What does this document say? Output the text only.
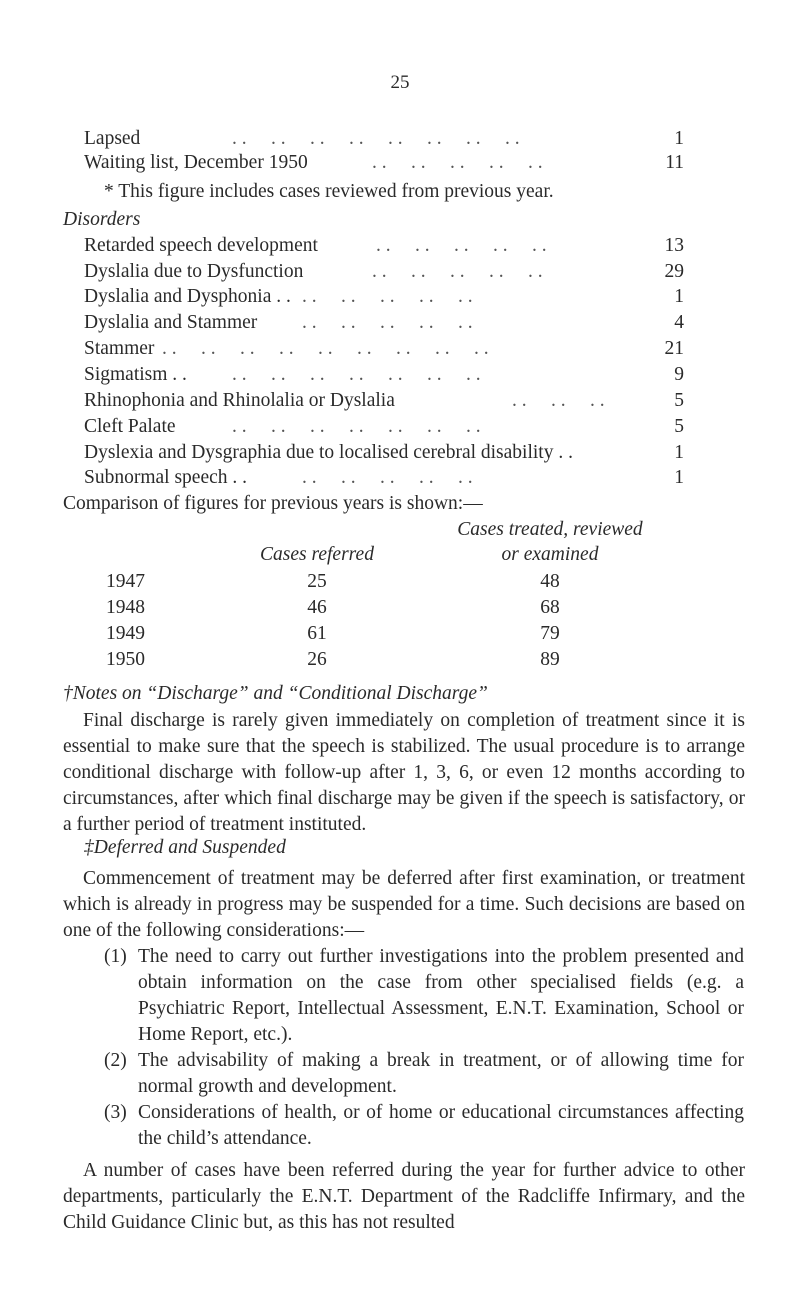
25
Lapsed	. .     . .     . .     . .     . .     . .     . .     . .	1
Waiting list, December 1950	. .     . .     . .     . .     . .	11
* This figure includes cases reviewed from previous year.
Disorders
Retarded speech development	. .     . .     . .     . .     . .	13
Dyslalia due to Dysfunction	. .     . .     . .     . .     . .	29
Dyslalia and Dysphonia . . . .     . .     . .     . .     . .	1
Dyslalia and Stammer . .     . .     . .     . .     . .	4
Stammer . .     . .     . .     . .     . .     . .     . .     . .     . .	21
Sigmatism . . . .     . .     . .     . .     . .     . .     . .	9
Rhinophonia and Rhinolalia or Dyslalia	. .     . .     . .	5
Cleft Palate	. .     . .     . .     . .     . .     . .     . .	5
Dyslexia and Dysgraphia due to localised cerebral disability . .	1
Subnormal speech . .	. .     . .     . .     . .     . .	1
Comparison of figures for previous years is shown:—
Cases treated, reviewed
Cases referred	or examined
1947	25	48
1948	46	68
1949	61	79
1950	26	89
†Notes on “Discharge” and “Conditional Discharge”

Final discharge is rarely given immediately on completion of treatment since it is essential to make sure that the speech is stabilized. The usual procedure is to arrange conditional discharge with follow-up after 1, 3, 6, or even 12 months according to circumstances, after which final discharge may be given if the speech is satisfactory, or a further period of treatment instituted.

‡Deferred and Suspended

Commencement of treatment may be deferred after first examination, or treatment which is already in progress may be suspended for a time. Such decisions are based on one of the following considerations:—

(1) The need to carry out further investigations into the problem presented and obtain information on the case from other specialised fields (e.g. a Psychiatric Report, Intellectual Assessment, E.N.T. Examination, School or Home Report, etc.).
(2) The advisability of making a break in treatment, or of allowing time for normal growth and development.
(3) Considerations of health, or of home or educational circumstances affecting the child’s attendance.

A number of cases have been referred during the year for further advice to other departments, particularly the E.N.T. Department of the Radcliffe Infirmary, and the Child Guidance Clinic but, as this has not resulted
